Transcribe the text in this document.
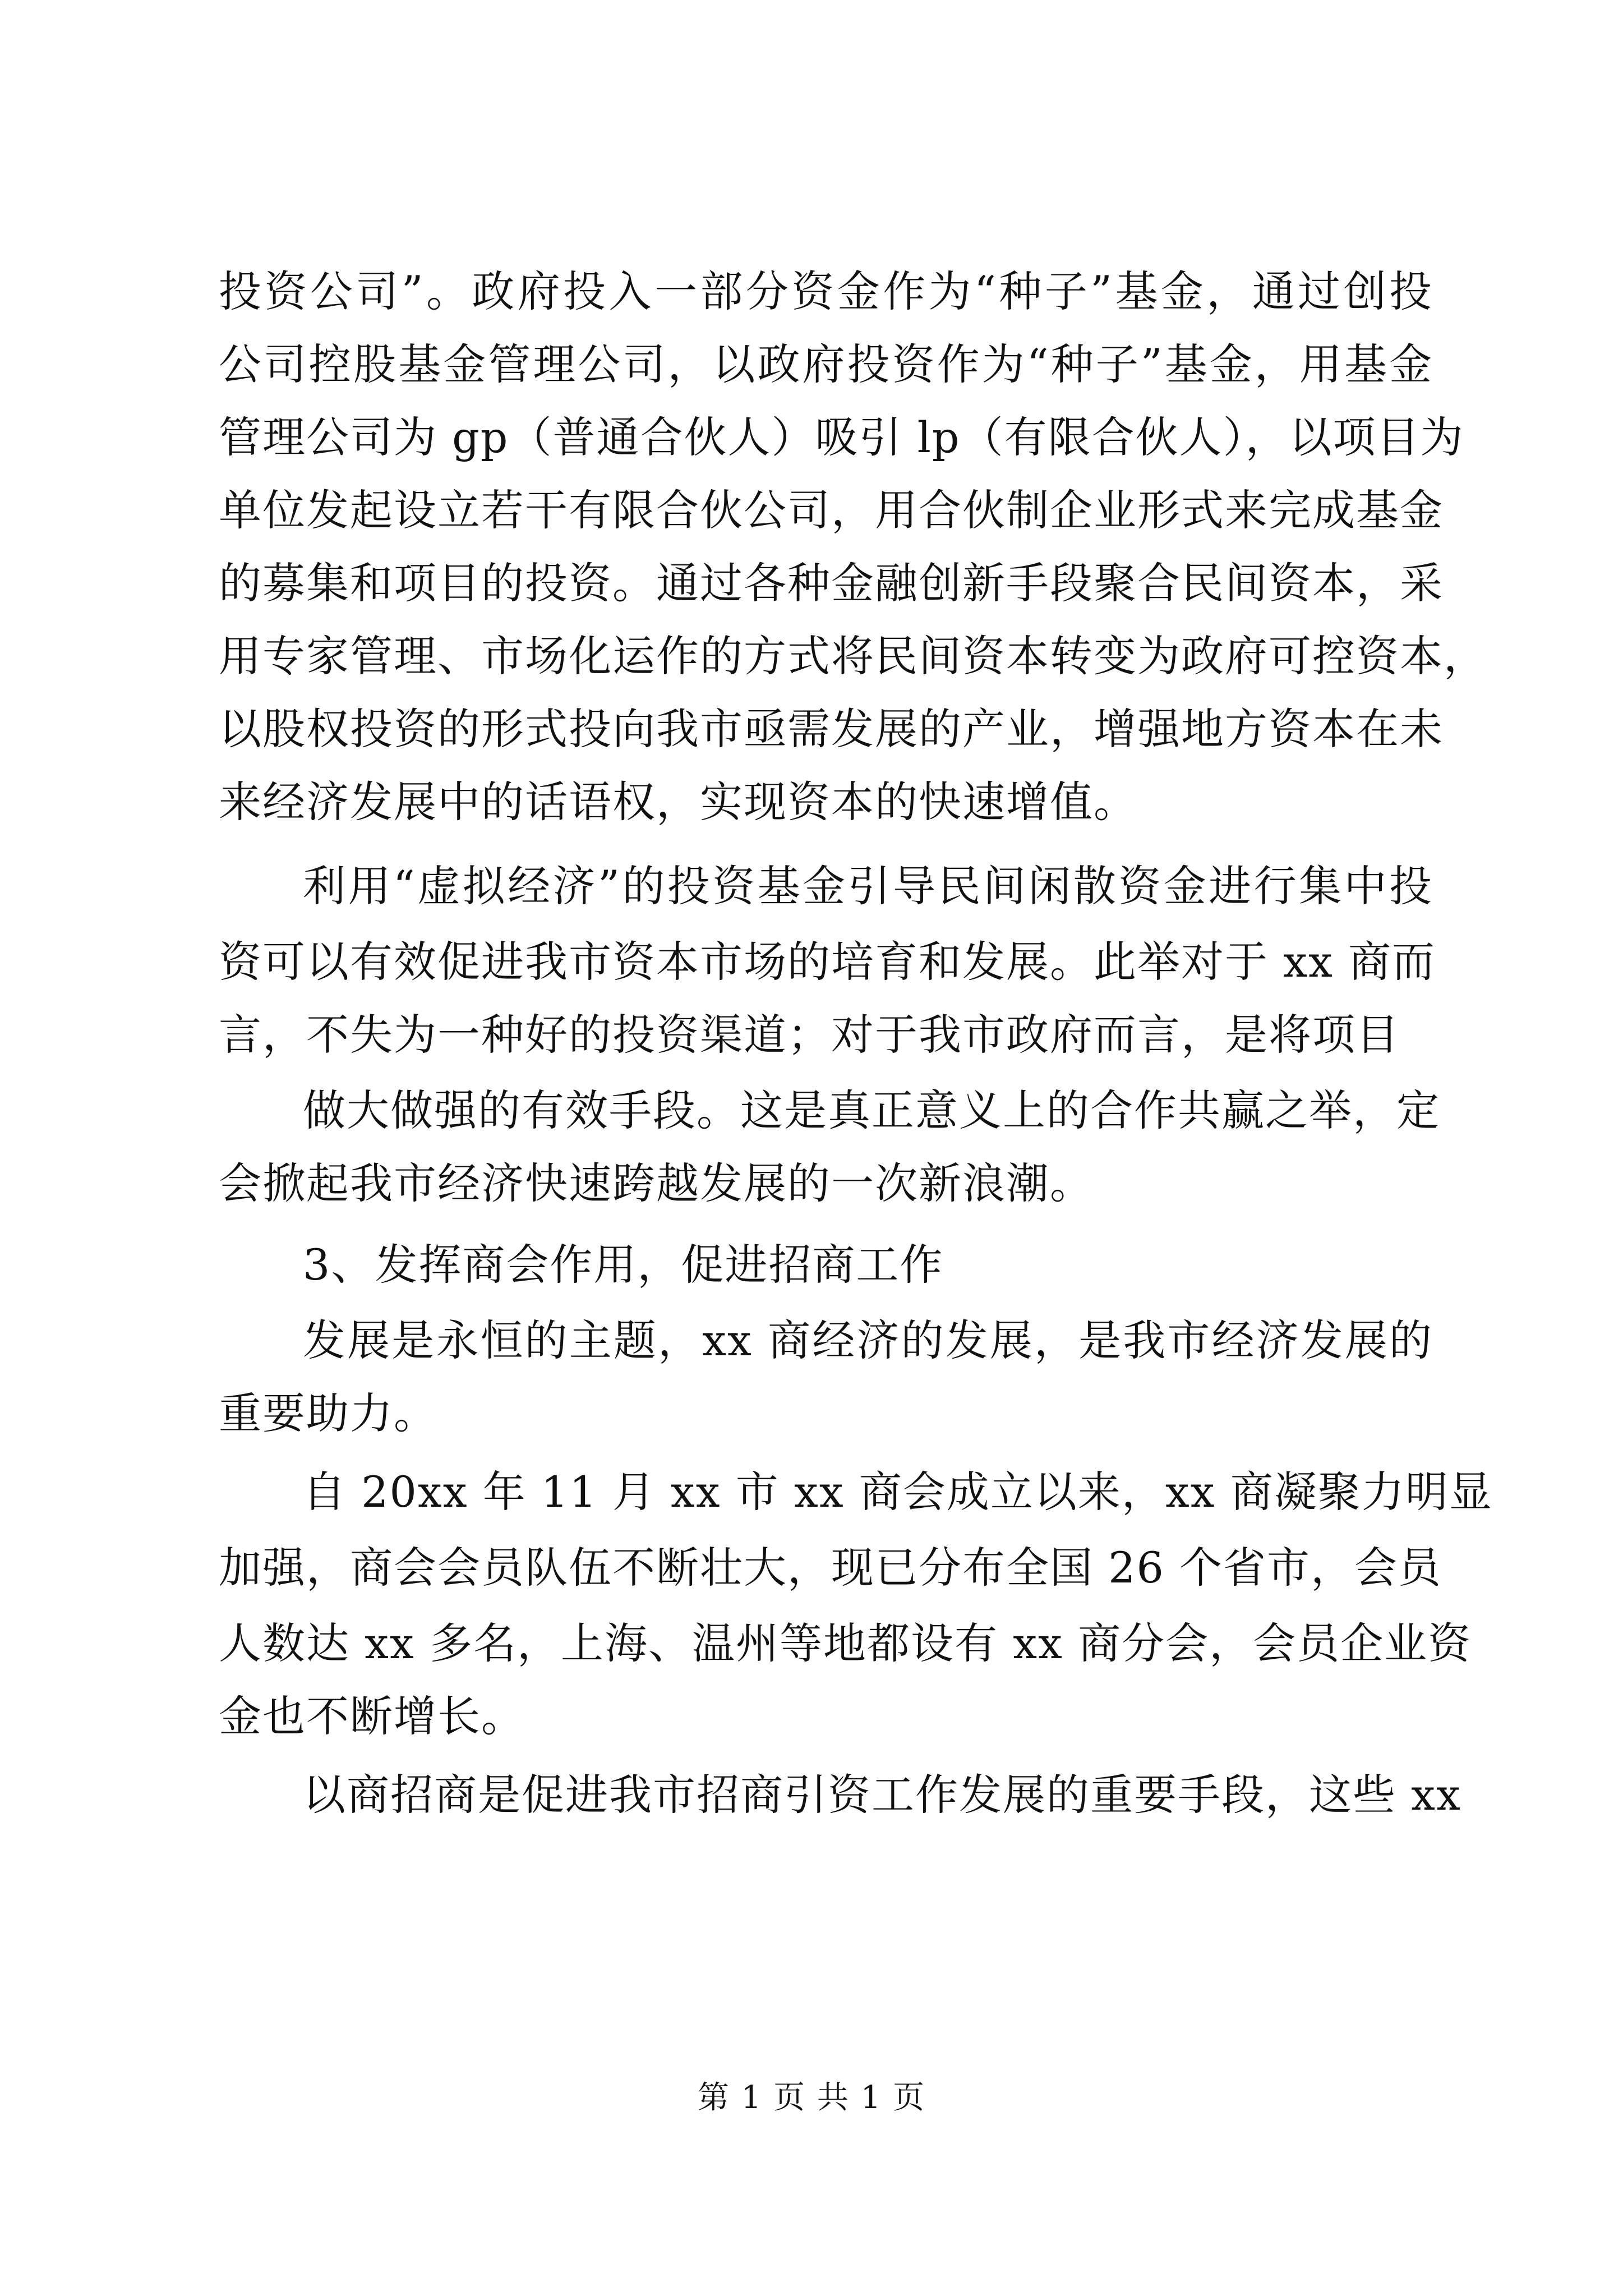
投资公司”。政府投入一部分资金作为“种子”基金，通过创投
公司控股基金管理公司，以政府投资作为“种子”基金，用基金
管理公司为 gp（普通合伙人）吸引 lp（有限合伙人），以项目为
单位发起设立若干有限合伙公司，用合伙制企业形式来完成基金
的募集和项目的投资。通过各种金融创新手段聚合民间资本，采
用专家管理、市场化运作的方式将民间资本转变为政府可控资本，
以股权投资的形式投向我市亟需发展的产业，增强地方资本在未
来经济发展中的话语权，实现资本的快速增值。
利用“虚拟经济”的投资基金引导民间闲散资金进行集中投
资可以有效促进我市资本市场的培育和发展。此举对于 xx 商而
言，不失为一种好的投资渠道；对于我市政府而言，是将项目
做大做强的有效手段。这是真正意义上的合作共赢之举，定
会掀起我市经济快速跨越发展的一次新浪潮。
3、发挥商会作用，促进招商工作
发展是永恒的主题，xx 商经济的发展，是我市经济发展的
重要助力。
自 20xx 年 11 月 xx 市 xx 商会成立以来，xx 商凝聚力明显
加强，商会会员队伍不断壮大，现已分布全国 26 个省市，会员
人数达 xx 多名，上海、温州等地都设有 xx 商分会，会员企业资
金也不断增长。
以商招商是促进我市招商引资工作发展的重要手段，这些 xx
第 1 页 共 1 页
